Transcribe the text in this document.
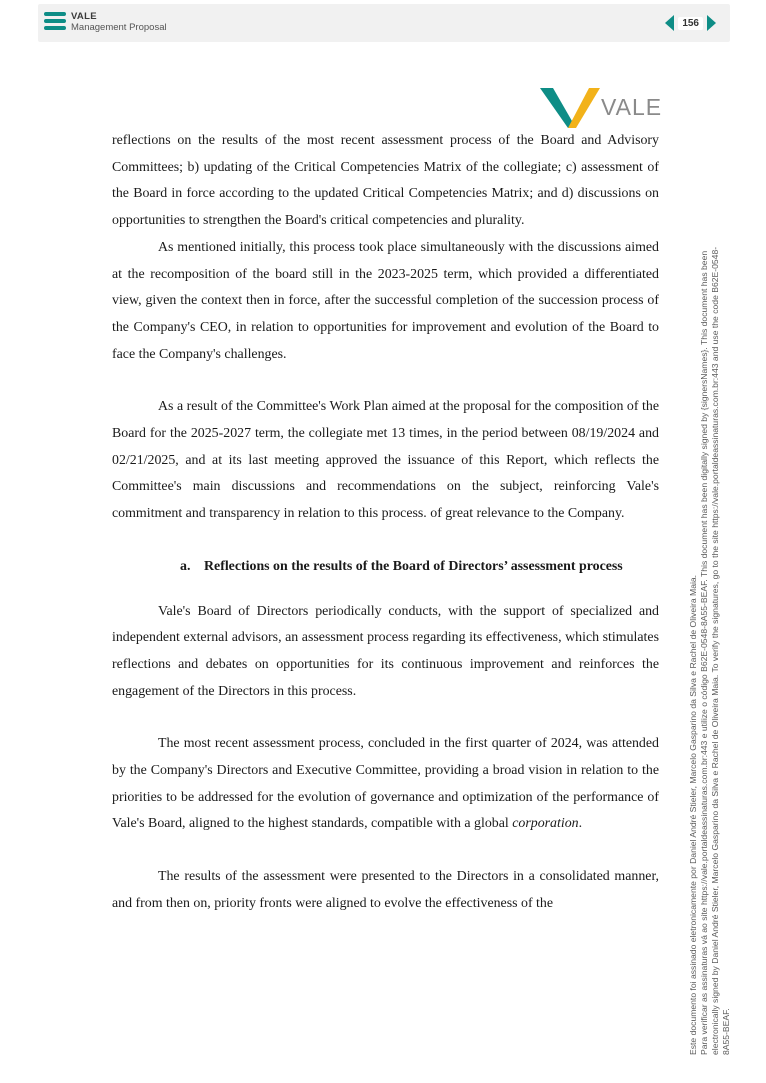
VALE
Management Proposal	156
VALE

reflections on the results of the most recent assessment process of the Board and Advisory Committees; b) updating of the Critical Competencies Matrix of the collegiate; c) assessment of the Board in force according to the updated Critical Competencies Matrix; and d) discussions on opportunities to strengthen the Board's critical competencies and plurality.

As mentioned initially, this process took place simultaneously with the discussions aimed at the recomposition of the board still in the 2023-2025 term, which provided a differentiated view, given the context then in force, after the successful completion of the succession process of the Company's CEO, in relation to opportunities for improvement and evolution of the Board to face the Company's challenges.

As a result of the Committee's Work Plan aimed at the proposal for the composition of the Board for the 2025-2027 term, the collegiate met 13 times, in the period between 08/19/2024 and 02/21/2025, and at its last meeting approved the issuance of this Report, which reflects the Committee's main discussions and recommendations on the subject, reinforcing Vale's commitment and transparency in relation to this process. of great relevance to the Company.

a. Reflections on the results of the Board of Directors’ assessment process

Vale's Board of Directors periodically conducts, with the support of specialized and independent external advisors, an assessment process regarding its effectiveness, which stimulates reflections and debates on opportunities for its continuous improvement and reinforces the engagement of the Directors in this process.

The most recent assessment process, concluded in the first quarter of 2024, was attended by the Company's Directors and Executive Committee, providing a broad vision in relation to the priorities to be addressed for the evolution of governance and optimization of the performance of Vale's Board, aligned to the highest standards, compatible with a global corporation.

The results of the assessment were presented to the Directors in a consolidated manner, and from then on, priority fronts were aligned to evolve the effectiveness of the	Este documento foi assinado eletronicamente por Daniel André Stieler, Marcelo Gasparino da Silva e Rachel de Oliveira Maia. Para verificar as assinaturas vá ao site https://vale.portaldeassinaturas.com.br:443 e utilize o código B62E-0548-8A55-BEAF. This document has been digitally signed by {signersNames}. This document has been electronically signed by Daniel André Stieler, Marcelo Gasparino da Silva e Rachel de Oliveira Maia. To verify the signatures, go to the site https://vale.portaldeassinaturas.com.br:443 and use the code B62E-0548- 8A55-BEAF.
